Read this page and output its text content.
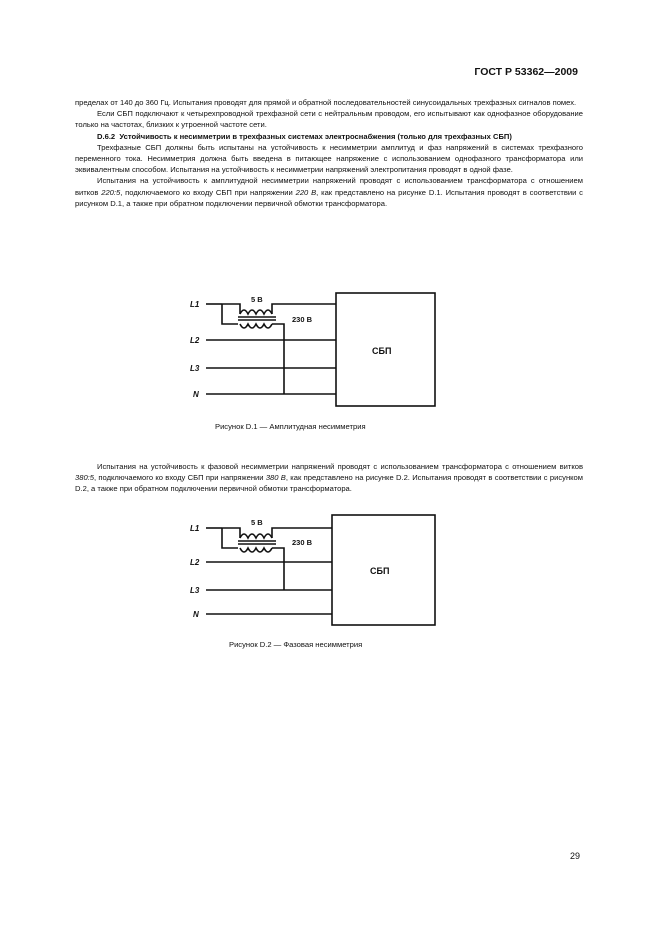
ГОСТ Р 53362—2009

пределах от 140 до 360 Гц. Испытания проводят для прямой и обратной последовательностей синусоидальных трехфазных сигналов помех.

Если СБП подключают к четырехпроводной трехфазной сети с нейтральным проводом, его испытывают как однофазное оборудование только на частотах, близких к утроенной частоте сети.

D.6.2 Устойчивость к несимметрии в трехфазных системах электроснабжения (только для трехфазных СБП)

Трехфазные СБП должны быть испытаны на устойчивость к несимметрии амплитуд и фаз напряжений в системах трехфазного переменного тока. Несимметрия должна быть введена в питающее напряжение с использованием однофазного трансформатора или эквивалентным способом. Испытания на устойчивость к несимметрии напряжений электропитания проводят в одной фазе.

Испытания на устойчивость к амплитудной несимметрии напряжений проводят с использованием трансформатора с отношением витков 220:5, подключаемого ко входу СБП при напряжении 220 В, как представлено на рисунке D.1. Испытания проводят в соответствии с рисунком D.1, а также при обратном подключении первичной обмотки трансформатора.

L1
L2
L3
N
5 В
230 В
СБП
Рисунок D.1 — Амплитудная несимметрия

Испытания на устойчивость к фазовой несимметрии напряжений проводят с использованием трансформатора с отношением витков 380:5, подключаемого ко входу СБП при напряжении 380 В, как представлено на рисунке D.2. Испытания проводят в соответствии с рисунком D.2, а также при обратном подключении первичной обмотки трансформатора.

L1
L2
L3
N
5 В
230 В
СБП
Рисунок D.2 — Фазовая несимметрия
29
